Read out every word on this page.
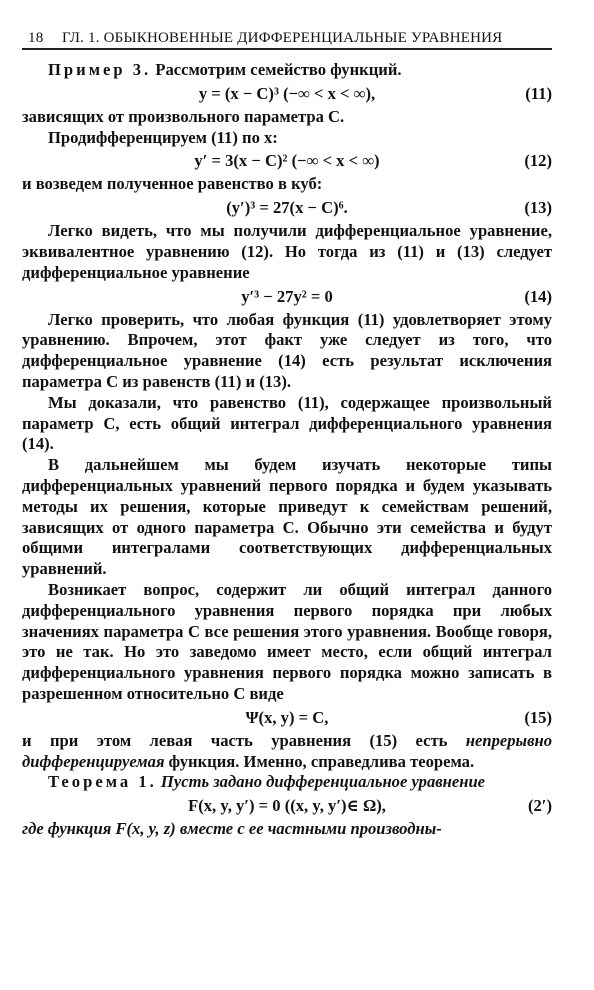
18 ГЛ. 1. ОБЫКНОВЕННЫЕ ДИФФЕРЕНЦИАЛЬНЫЕ УРАВНЕНИЯ

Пример 3. Рассмотрим семейство функций.

y = (x − C)³ (−∞ < x < ∞),	(11)

зависящих от произвольного параметра C.

Продифференцируем (11) по x:

y′ = 3(x − C)² (−∞ < x < ∞)	(12)

и возведем полученное равенство в куб:

(y′)³ = 27(x − C)⁶.	(13)

Легко видеть, что мы получили дифференциальное уравнение, эквивалентное уравнению (12). Но тогда из (11) и (13) следует дифференциальное уравнение

y′³ − 27y² = 0	(14)

Легко проверить, что любая функция (11) удовлетворяет этому уравнению. Впрочем, этот факт уже следует из того, что дифференциальное уравнение (14) есть результат исключения параметра С из равенств (11) и (13).

Мы доказали, что равенство (11), содержащее произвольный параметр С, есть общий интеграл дифференциального уравнения (14).

В дальнейшем мы будем изучать некоторые типы дифференциальных уравнений первого порядка и будем указывать методы их решения, которые приведут к семействам решений, зависящих от одного параметра С. Обычно эти семейства и будут общими интегралами соответствующих дифференциальных уравнений.

Возникает вопрос, содержит ли общий интеграл данного дифференциального уравнения первого порядка при любых значениях параметра C все решения этого уравнения. Вообще говоря, это не так. Но это заведомо имеет место, если общий интеграл дифференциального уравнения первого порядка можно записать в разрешенном относительно C виде

Ψ(x, y) = C,	(15)

и при этом левая часть уравнения (15) есть непрерывно дифференцируемая функция. Именно, справедлива теорема.

Теорема 1. Пусть задано дифференциальное уравнение

F(x, y, y′) = 0 ((x, y, y′)∈ Ω),	(2′)

где функция F(x, y, z) вместе с ее частными производны-
